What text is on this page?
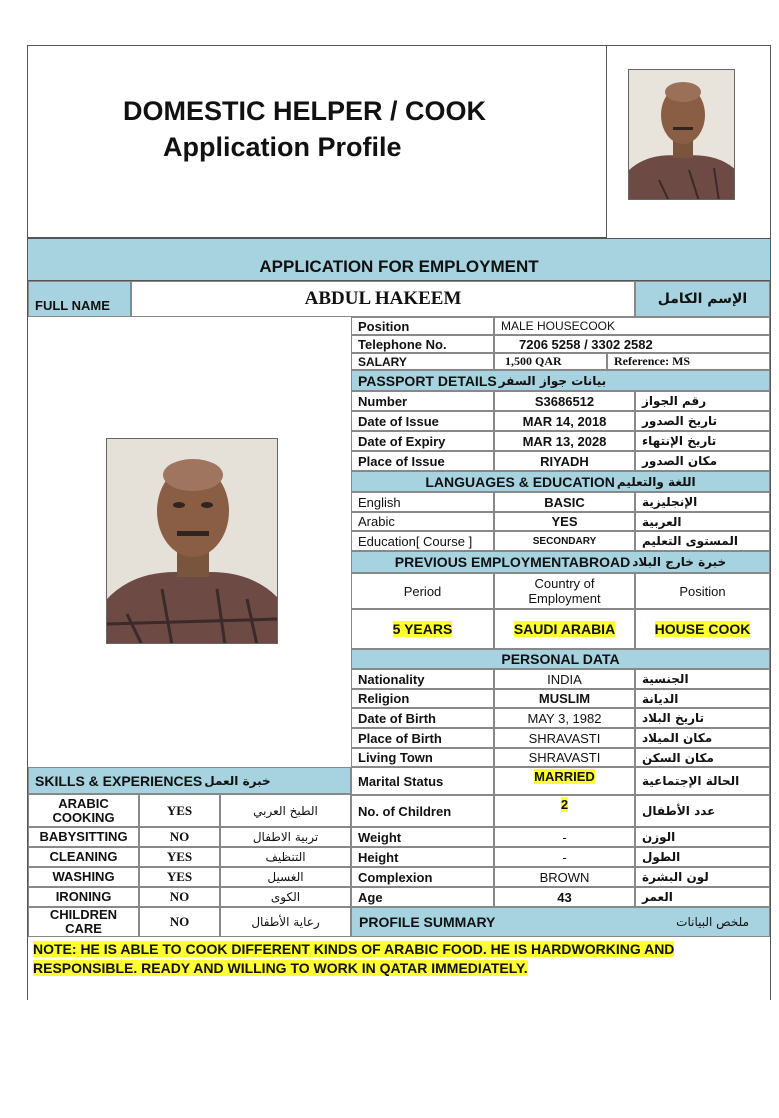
DOMESTIC HELPER / COOK
Application Profile
APPLICATION FOR EMPLOYMENT
FULL NAME	ABDUL HAKEEM	الإسم الكامل
Position	MALE HOUSECOOK
Telephone No.	7206 5258 / 3302 2582
SALARY	1,500 QAR	Reference: MS
PASSPORT DETAILS بيانات جواز السفر
LANGUAGES & EDUCATION اللغة والتعليم
PREVIOUS EMPLOYMENTABROAD خبرة خارج البلاد
Period	Country of Employment	Position
5 YEARS	SAUDI ARABIA	HOUSE COOK
PERSONAL DATA
SKILLS & EXPERIENCES خبرة العمل
PROFILE SUMMARY	ملخص البيانات
NOTE: HE IS ABLE TO COOK DIFFERENT KINDS OF ARABIC FOOD. HE IS HARDWORKING AND RESPONSIBLE. READY AND WILLING TO WORK IN QATAR IMMEDIATELY.
Number	S3686512	رقم الجواز
Date of Issue	MAR 14, 2018	تاريخ الصدور
Date of Expiry	MAR 13, 2028	تاريخ الإنتهاء
Place of Issue	RIYADH	مكان الصدور
English	BASIC	الإنجليزية
Arabic	YES	العربية
Education[ Course ]	SECONDARY	المستوى التعليم
Nationality	INDIA	الجنسية
Religion	MUSLIM	الديانة
Date of Birth	MAY 3, 1982	تاريخ البلاد
Place of Birth	SHRAVASTI	مكان الميلاد
Living Town	SHRAVASTI	مكان السكن
Marital Status	MARRIED	الحالة الإجتماعية
No. of Children	2	عدد الأطفال
Weight	-	الوزن
Height	-	الطول
Complexion	BROWN	لون البشرة
Age	43	العمر
ARABIC COOKING	YES	الطبخ العربي
BABYSITTING	NO	تربية الاطفال
CLEANING	YES	التنظيف
WASHING	YES	الغسيل
IRONING	NO	الكوى
CHILDREN CARE	NO	رعاية الأطفال
